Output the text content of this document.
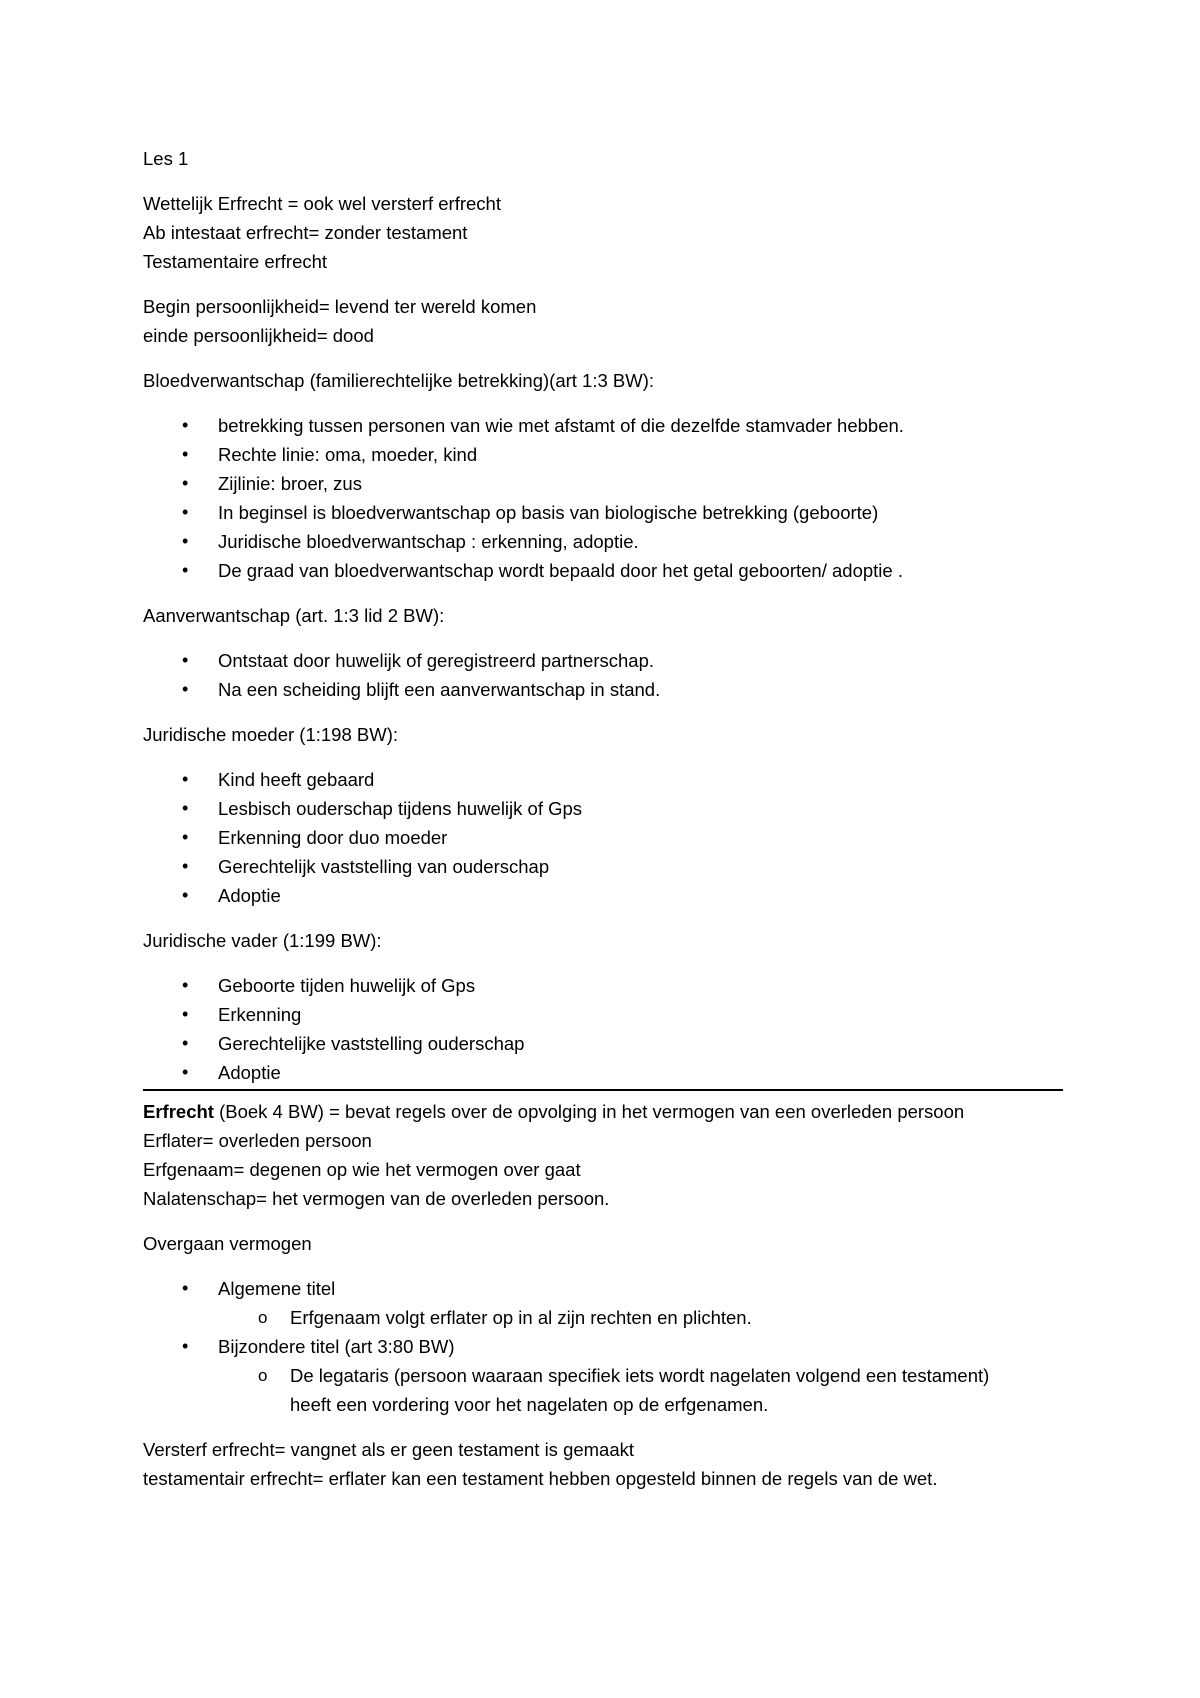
Les 1
Wettelijk Erfrecht = ook wel versterf erfrecht
Ab intestaat erfrecht= zonder testament
Testamentaire erfrecht
Begin persoonlijkheid= levend ter wereld komen
einde persoonlijkheid= dood
Bloedverwantschap (familierechtelijke betrekking)(art 1:3 BW):
• betrekking tussen personen van wie met afstamt of die dezelfde stamvader hebben.
• Rechte linie: oma, moeder, kind
• Zijlinie: broer, zus
• In beginsel is bloedverwantschap op basis van biologische betrekking (geboorte)
• Juridische bloedverwantschap : erkenning, adoptie.
• De graad van bloedverwantschap wordt bepaald door het getal geboorten/ adoptie .
Aanverwantschap (art. 1:3 lid 2 BW):
• Ontstaat door huwelijk of geregistreerd partnerschap.
• Na een scheiding blijft een aanverwantschap in stand.
Juridische moeder (1:198 BW):
• Kind heeft gebaard
• Lesbisch ouderschap tijdens huwelijk of Gps
• Erkenning door duo moeder
• Gerechtelijk vaststelling van ouderschap
• Adoptie
Juridische vader (1:199 BW):
• Geboorte tijden huwelijk of Gps
• Erkenning
• Gerechtelijke vaststelling ouderschap
• Adoptie
Erfrecht (Boek 4 BW) = bevat regels over de opvolging in het vermogen van een overleden persoon
Erflater= overleden persoon
Erfgenaam= degenen op wie het vermogen over gaat
Nalatenschap= het vermogen van de overleden persoon.
Overgaan vermogen
• Algemene titel
o Erfgenaam volgt erflater op in al zijn rechten en plichten.
• Bijzondere titel (art 3:80 BW)
o De legataris (persoon waaraan specifiek iets wordt nagelaten volgend een testament)
heeft een vordering voor het nagelaten op de erfgenamen.
Versterf erfrecht= vangnet als er geen testament is gemaakt
testamentair erfrecht= erflater kan een testament hebben opgesteld binnen de regels van de wet.
